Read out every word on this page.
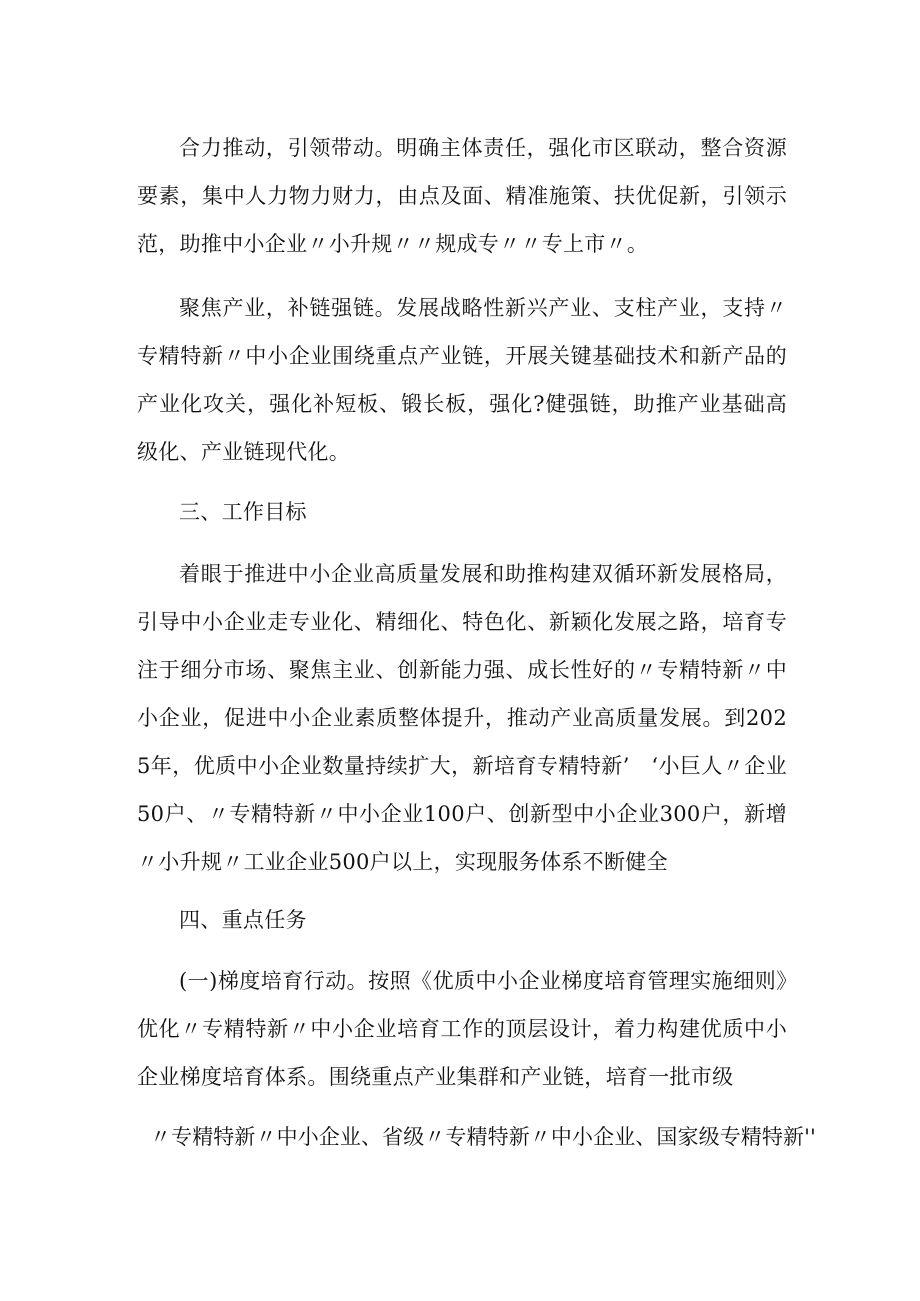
合力推动，引领带动。明确主体责任，强化市区联动，整合资源要素，集中人力物力财力，由点及面、精准施策、扶优促新，引领示范，助推中小企业〃小升规〃〃规成专〃〃专上市〃。

聚焦产业，补链强链。发展战略性新兴产业、支柱产业，支持〃专精特新〃中小企业围绕重点产业链，开展关键基础技术和新产品的产业化攻关，强化补短板、锻长板，强化?健强链，助推产业基础高级化、产业链现代化。

三、工作目标

着眼于推进中小企业高质量发展和助推构建双循环新发展格局，引导中小企业走专业化、精细化、特色化、新颖化发展之路，培育专注于细分市场、聚焦主业、创新能力强、成长性好的〃专精特新〃中小企业，促进中小企业素质整体提升，推动产业高质量发展。到2025年，优质中小企业数量持续扩大，新培育专精特新’　‘小巨人〃企业50户、〃专精特新〃中小企业100户、创新型中小企业300户，新增〃小升规〃工业企业500户以上，实现服务体系不断健全

四、重点任务

(一)梯度培育行动。按照《优质中小企业梯度培育管理实施细则》优化〃专精特新〃中小企业培育工作的顶层设计，着力构建优质中小企业梯度培育体系。围绕重点产业集群和产业链，培育一批市级

〃专精特新〃中小企业、省级〃专精特新〃中小企业、国家级专精特新''
